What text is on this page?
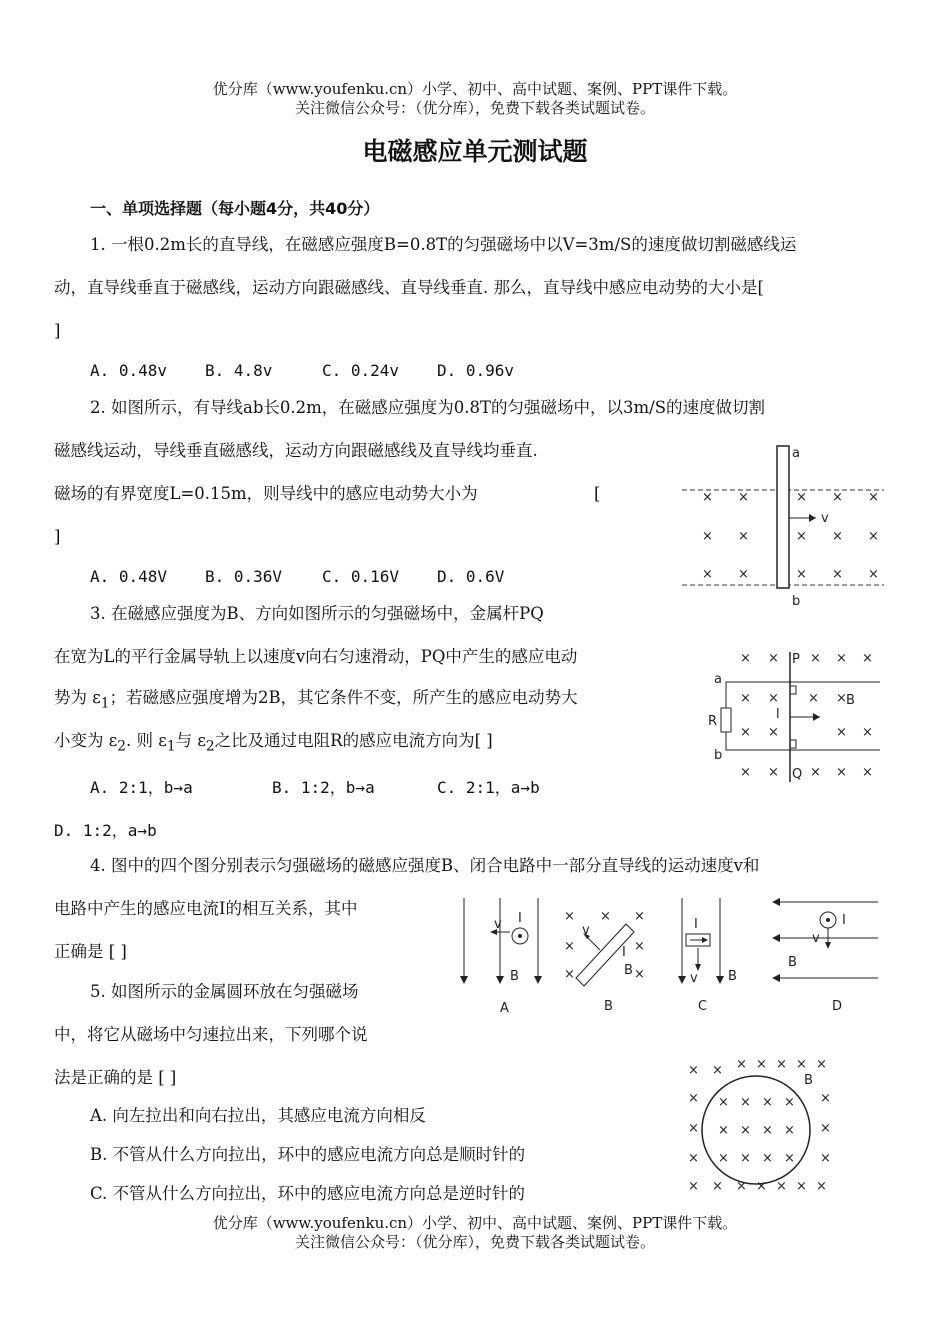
优分库（www.youfenku.cn）小学、初中、高中试题、案例、PPT课件下载。
关注微信公众号：（优分库），免费下载各类试题试卷。
电磁感应单元测试题
一、单项选择题（每小题4分，共40分）
1. 一根0.2m长的直导线，在磁感应强度B=0.8T的匀强磁场中以V=3m/S的速度做切割磁感线运
动，直导线垂直于磁感线，运动方向跟磁感线、直导线垂直. 那么，直导线中感应电动势的大小是[
]
A. 0.48v B. 4.8v	C. 0.24v D. 0.96v
2. 如图所示，有导线ab长0.2m，在磁感应强度为0.8T的匀强磁场中，以3m/S的速度做切割
磁感线运动，导线垂直磁感线，运动方向跟磁感线及直导线均垂直.
磁场的有界宽度L=0.15m，则导线中的感应电动势大小为	[
]
A. 0.48V B. 0.36V C. 0.16V D. 0.6V
× ×	× × ×
× ×	× × ×
× ×	× × ×
a
b
v
3. 在磁感应强度为B、方向如图所示的匀强磁场中，金属杆PQ
在宽为L的平行金属导轨上以速度v向右匀速滑动，PQ中产生的感应电动
势为 $\varepsilon_1$；若磁感应强度增为2B，其它条件不变，所产生的感应电动势大
小变为 $\varepsilon_2$. 则 $\varepsilon_1$与 $\varepsilon_2$之比及通过电阻R的感应电流方向为[ ]
A. 2:1，b→a	B. 1:2，b→a	C. 2:1，a→b
D. 1:2，a→b
× × × × ×
× × × ×
× ×	× ×
× × × × ×
P
Q
a
b
R	l
B
4. 图中的四个图分别表示匀强磁场的磁感应强度B、闭合电路中一部分直导线的运动速度v和
电路中产生的感应电流I的相互关系，其中
正确是 [ ]
v I
B
A
× × ×
×	×
×	×
v
I
B
B
I
v B
C
I
v
B
D
5. 如图所示的金属圆环放在匀强磁场
中，将它从磁场中匀速拉出来，下列哪个说
法是正确的是 [ ]
A. 向左拉出和向右拉出，其感应电流方向相反
B. 不管从什么方向拉出，环中的感应电流方向总是顺时针的
C. 不管从什么方向拉出，环中的感应电流方向总是逆时针的
× × × × ×
× ×
×	×
×	×
×	×
× × × × × × ×
× × × ×
× × × ×
× × × ×
B
优分库（www.youfenku.cn）小学、初中、高中试题、案例、PPT课件下载。
关注微信公众号：（优分库），免费下载各类试题试卷。
